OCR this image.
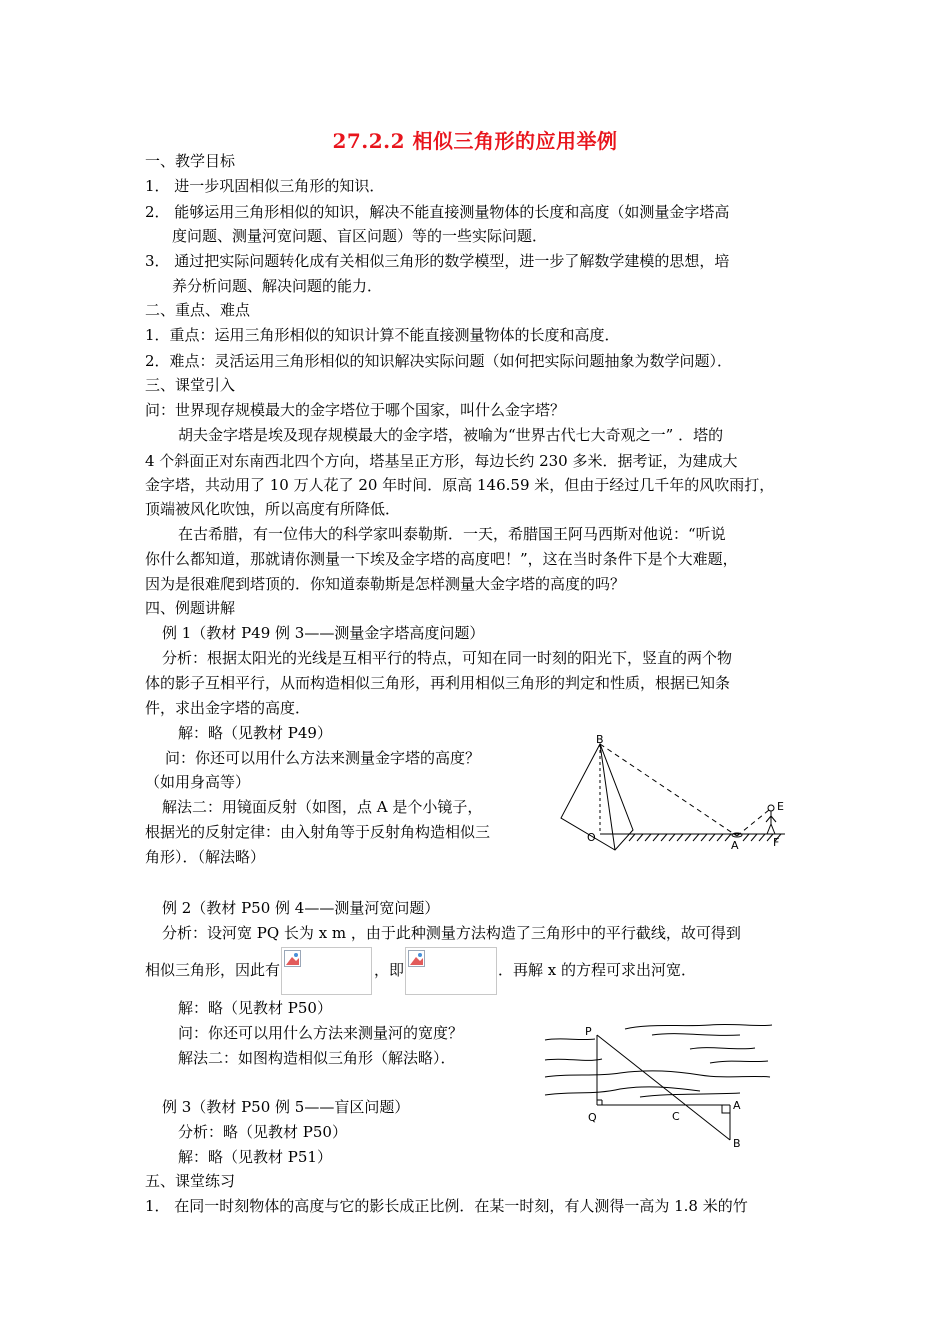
27.2.2 相似三角形的应用举例
一、教学目标
1． 进一步巩固相似三角形的知识．
2． 能够运用三角形相似的知识，解决不能直接测量物体的长度和高度（如测量金字塔高
度问题、测量河宽问题、盲区问题）等的一些实际问题．
3． 通过把实际问题转化成有关相似三角形的数学模型，进一步了解数学建模的思想，培
养分析问题、解决问题的能力．
二、重点、难点
1．重点：运用三角形相似的知识计算不能直接测量物体的长度和高度．
2．难点：灵活运用三角形相似的知识解决实际问题（如何把实际问题抽象为数学问题）．
三、课堂引入
问：世界现存规模最大的金字塔位于哪个国家，叫什么金字塔？
胡夫金字塔是埃及现存规模最大的金字塔，被喻为“世界古代七大奇观之一” ．塔的
4 个斜面正对东南西北四个方向，塔基呈正方形，每边长约 230 多米．据考证，为建成大
金字塔，共动用了 10 万人花了 20 年时间．原高 146.59 米，但由于经过几千年的风吹雨打，
顶端被风化吹蚀，所以高度有所降低．
在古希腊，有一位伟大的科学家叫泰勒斯．一天，希腊国王阿马西斯对他说：“听说
你什么都知道，那就请你测量一下埃及金字塔的高度吧！”，这在当时条件下是个大难题，
因为是很难爬到塔顶的．你知道泰勒斯是怎样测量大金字塔的高度的吗？
四、例题讲解
例 1（教材 P49 例 3——测量金字塔高度问题）
分析：根据太阳光的光线是互相平行的特点，可知在同一时刻的阳光下，竖直的两个物
体的影子互相平行，从而构造相似三角形，再利用相似三角形的判定和性质，根据已知条
件，求出金字塔的高度．
解：略（见教材 P49）
问：你还可以用什么方法来测量金字塔的高度？
（如用身高等）
解法二：用镜面反射（如图，点 A 是个小镜子，
根据光的反射定律：由入射角等于反射角构造相似三
角形）．（解法略）
B
O
A
E
F
例 2（教材 P50 例 4——测量河宽问题）
分析：设河宽 PQ 长为 x m ，由于此种测量方法构造了三角形中的平行截线，故可得到
相似三角形，因此有	，即	．再解 x 的方程可求出河宽．
解：略（见教材 P50）
问：你还可以用什么方法来测量河的宽度？
解法二：如图构造相似三角形（解法略）．
P
Q	C
A
B
例 3（教材 P50 例 5——盲区问题）
分析：略（见教材 P50）
解：略（见教材 P51）
五、课堂练习
1． 在同一时刻物体的高度与它的影长成正比例．在某一时刻，有人测得一高为 1.8 米的竹
